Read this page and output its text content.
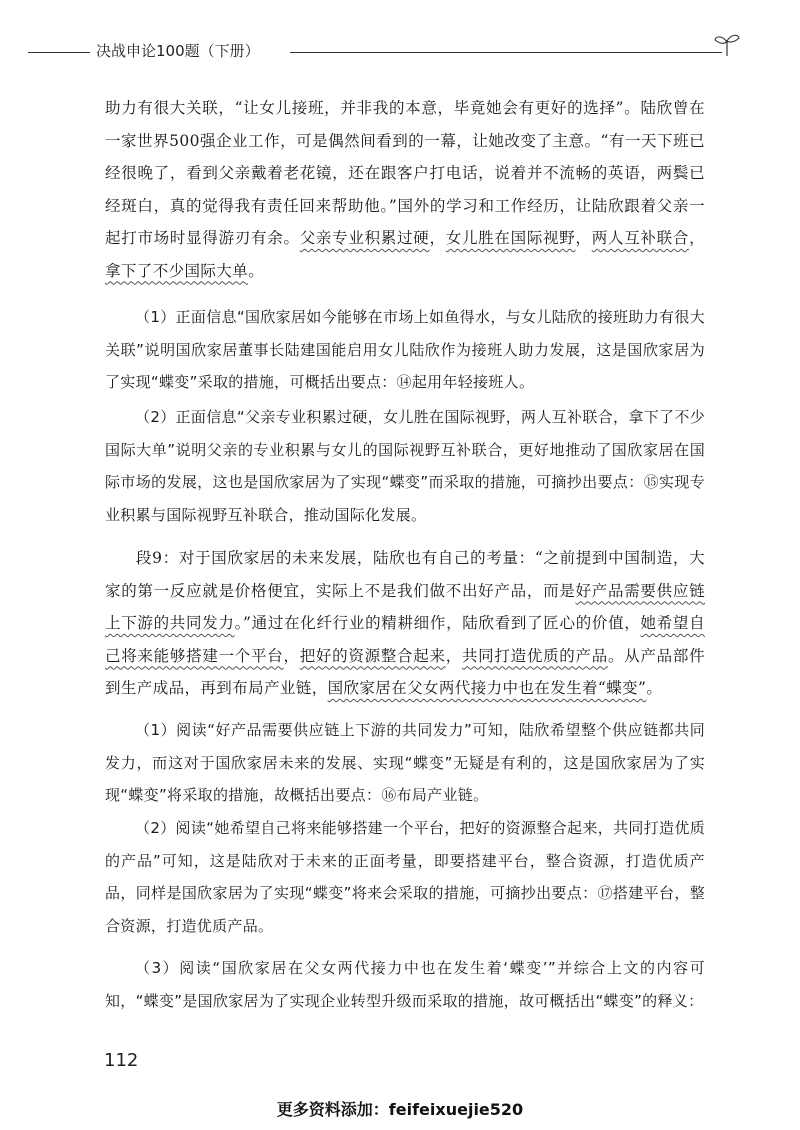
决战申论100题（下册）

助力有很大关联，“让女儿接班，并非我的本意，毕竟她会有更好的选择”。陆欣曾在一家世界500强企业工作，可是偶然间看到的一幕，让她改变了主意。“有一天下班已经很晚了，看到父亲戴着老花镜，还在跟客户打电话，说着并不流畅的英语，两鬓已经斑白，真的觉得我有责任回来帮助他。”国外的学习和工作经历，让陆欣跟着父亲一起打市场时显得游刃有余。父亲专业积累过硬，女儿胜在国际视野，两人互补联合，拿下了不少国际大单。

（1）正面信息“国欣家居如今能够在市场上如鱼得水，与女儿陆欣的接班助力有很大关联”说明国欣家居董事长陆建国能启用女儿陆欣作为接班人助力发展，这是国欣家居为了实现“蝶变”采取的措施，可概括出要点：⑭起用年轻接班人。

（2）正面信息“父亲专业积累过硬，女儿胜在国际视野，两人互补联合，拿下了不少国际大单”说明父亲的专业积累与女儿的国际视野互补联合，更好地推动了国欣家居在国际市场的发展，这也是国欣家居为了实现“蝶变”而采取的措施，可摘抄出要点：⑮实现专业积累与国际视野互补联合，推动国际化发展。

段9：对于国欣家居的未来发展，陆欣也有自己的考量：“之前提到中国制造，大家的第一反应就是价格便宜，实际上不是我们做不出好产品，而是好产品需要供应链上下游的共同发力。”通过在化纤行业的精耕细作，陆欣看到了匠心的价值，她希望自己将来能够搭建一个平台，把好的资源整合起来，共同打造优质的产品。从产品部件到生产成品，再到布局产业链，国欣家居在父女两代接力中也在发生着“蝶变”。

（1）阅读“好产品需要供应链上下游的共同发力”可知，陆欣希望整个供应链都共同发力，而这对于国欣家居未来的发展、实现“蝶变”无疑是有利的，这是国欣家居为了实现“蝶变”将采取的措施，故概括出要点：⑯布局产业链。

（2）阅读“她希望自己将来能够搭建一个平台，把好的资源整合起来，共同打造优质的产品”可知，这是陆欣对于未来的正面考量，即要搭建平台，整合资源，打造优质产品，同样是国欣家居为了实现“蝶变”将来会采取的措施，可摘抄出要点：⑰搭建平台，整合资源，打造优质产品。

（3）阅读“国欣家居在父女两代接力中也在发生着‘蝶变’”并综合上文的内容可知，“蝶变”是国欣家居为了实现企业转型升级而采取的措施，故可概括出“蝶变”的释义：

112
更多资料添加：feifeixuejie520
